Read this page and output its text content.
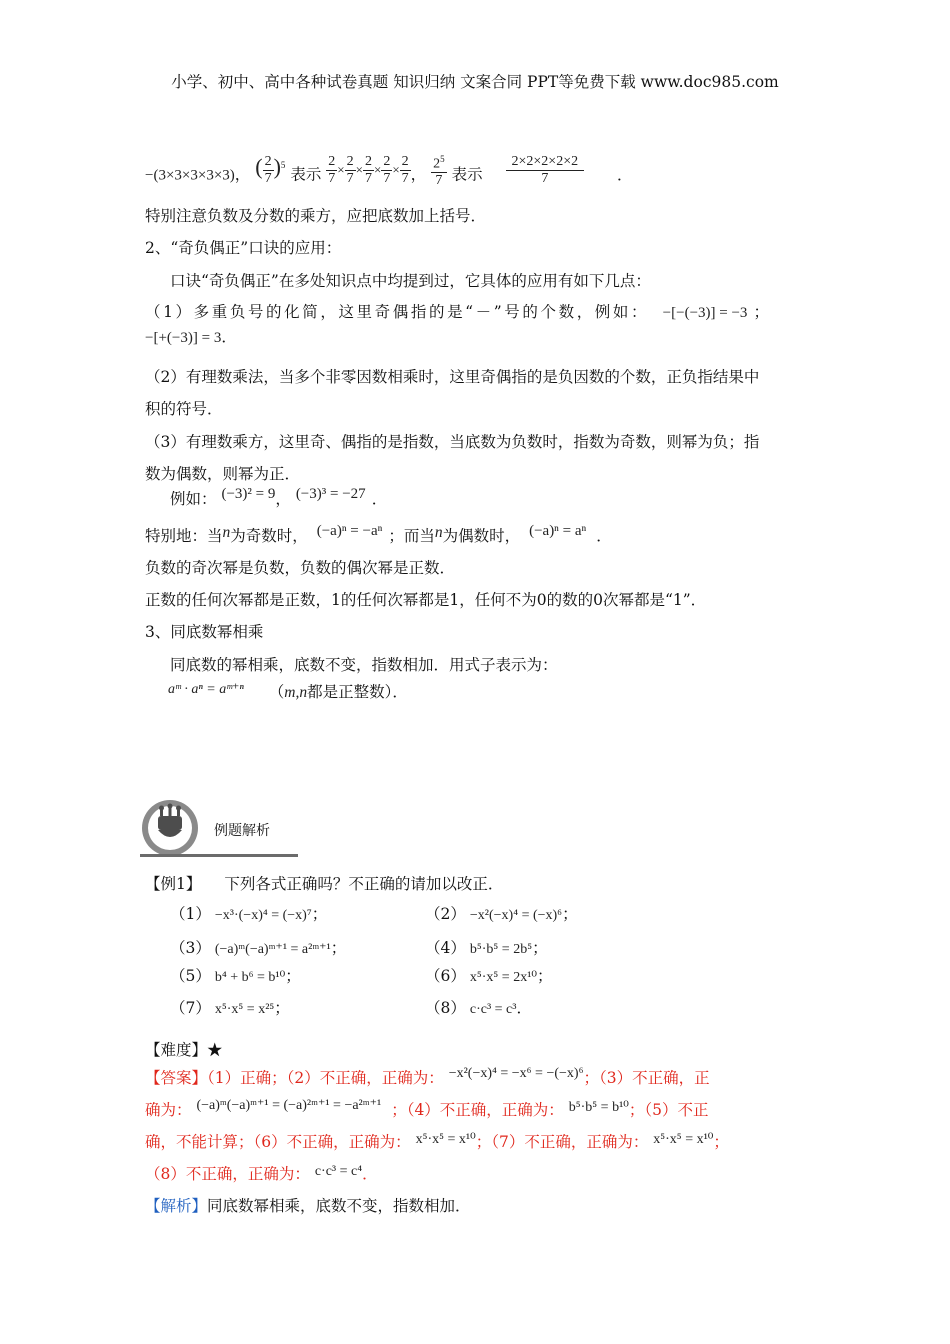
小学、初中、高中各种试卷真题 知识归纳 文案合同 PPT等免费下载 www.doc985.com
−(3×3×3×3×3)， ( $\frac{2}{7} )^5$ 表示 $\frac{2}{7} \times \frac{2}{7} \times \frac{2}{7} \times \frac{2}{7} \times \frac{2}{7}$ ， $\frac{2^5}{7}$ 表示 $\frac{2\times 2\times 2\times 2\times 2}{7}$ ．
特别注意负数及分数的乘方，应把底数加上括号．
2、“奇负偶正”口诀的应用：
口诀“奇负偶正”在多处知识点中均提到过，它具体的应用有如下几点：
（1）多重负号的化简，这里奇偶指的是“－”号的个数，例如： −[−(−3)] = −3 ；
−[+(−3)] = 3．
（2）有理数乘法，当多个非零因数相乘时，这里奇偶指的是负因数的个数，正负指结果中
积的符号．
（3）有理数乘方，这里奇、偶指的是指数，当底数为负数时，指数为奇数，则幂为负；指
数为偶数，则幂为正．
例如： (−3)² = 9， (−3)³ = −27 ．
特别地：当n为奇数时， (−a)ⁿ = −aⁿ ；而当n为偶数时， (−a)ⁿ = aⁿ ．
负数的奇次幂是负数，负数的偶次幂是正数．
正数的任何次幂都是正数，1的任何次幂都是1，任何不为0的数的0次幂都是“1”．
3、同底数幂相乘
同底数的幂相乘，底数不变，指数相加．用式子表示为：
aᵐ · aⁿ = aᵐ⁺ⁿ （m,n都是正整数）．
例题解析
【例1】 下列各式正确吗？不正确的请加以改正．
（1） −x³·(−x)⁴ = (−x)⁷；	（2） −x²(−x)⁴ = (−x)⁶；
（3） (−a)ᵐ(−a)ᵐ⁺¹ = a²ᵐ⁺¹；	（4） b⁵·b⁵ = 2b⁵；
（5） b⁴ + b⁶ = b¹⁰；	（6） x⁵·x⁵ = 2x¹⁰；
（7） x⁵·x⁵ = x²⁵；	（8） c·c³ = c³．
【难度】★
【答案】（1）正确；（2）不正确，正确为： −x²(−x)⁴ = −x⁶ = −(−x)⁶；（3）不正确，正
确为： (−a)ᵐ(−a)ᵐ⁺¹ = (−a)²ᵐ⁺¹ = −a²ᵐ⁺¹ ；（4）不正确，正确为： b⁵·b⁵ = b¹⁰；（5）不正
确，不能计算；（6）不正确，正确为： x⁵·x⁵ = x¹⁰；（7）不正确，正确为： x⁵·x⁵ = x¹⁰；
（8）不正确，正确为： c·c³ = c⁴．
【解析】同底数幂相乘，底数不变，指数相加．
